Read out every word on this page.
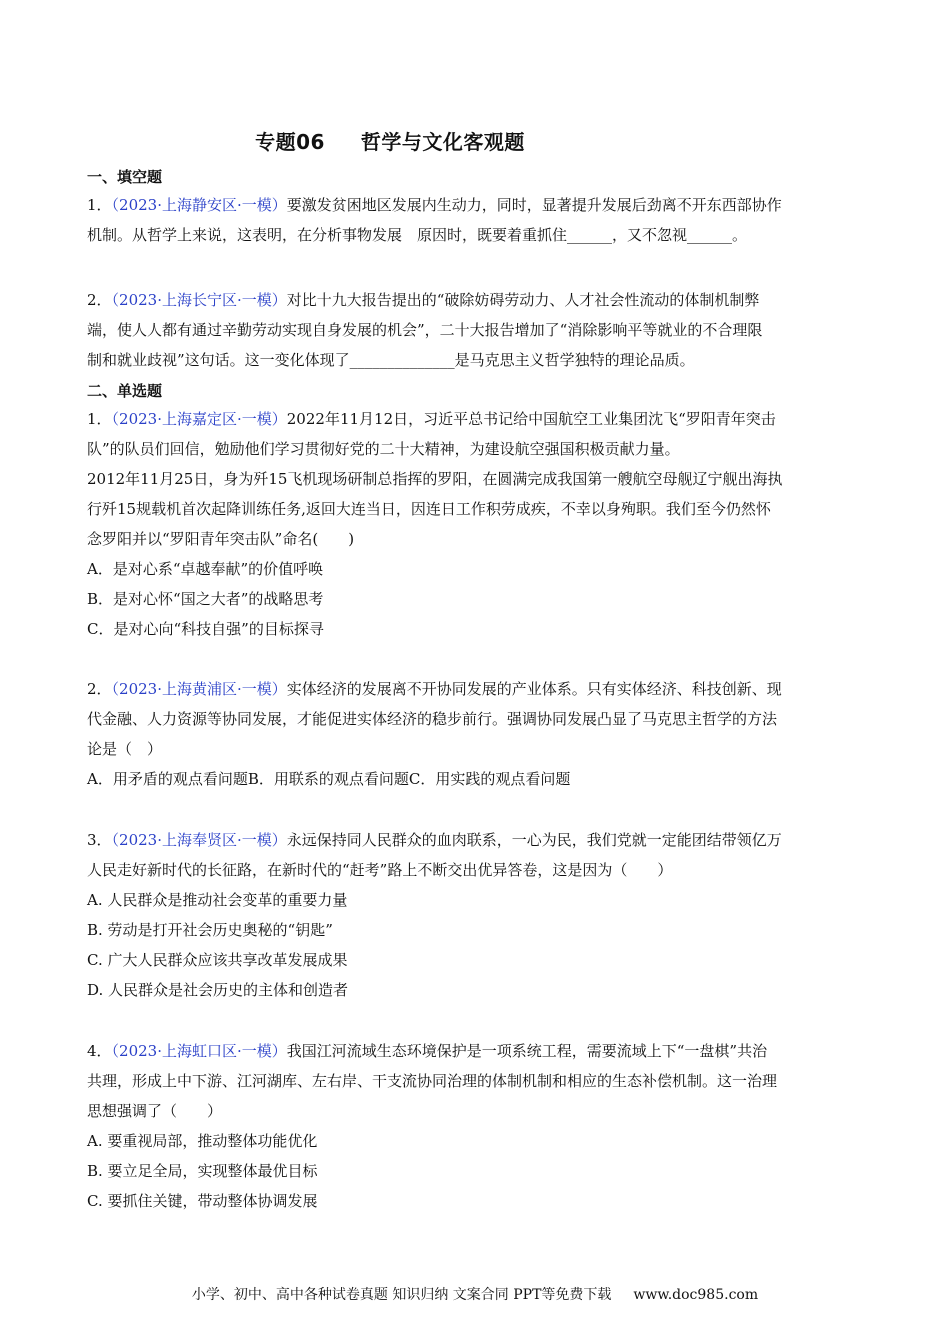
专题06 哲学与文化客观题
一、填空题
1．（2023·上海静安区·一模）要激发贫困地区发展内生动力，同时，显著提升发展后劲离不开东西部协作
机制。从哲学上来说，这表明，在分析事物发展　原因时，既要着重抓住______，又不忽视______。
2．（2023·上海长宁区·一模）对比十九大报告提出的“破除妨碍劳动力、人才社会性流动的体制机制弊
端，使人人都有通过辛勤劳动实现自身发展的机会”，二十大报告增加了“消除影响平等就业的不合理限
制和就业歧视”这句话。这一变化体现了______________是马克思主义哲学独特的理论品质。
二、单选题
1．（2023·上海嘉定区·一模）2022年11月12日，习近平总书记给中国航空工业集团沈飞“罗阳青年突击
队”的队员们回信，勉励他们学习贯彻好党的二十大精神，为建设航空强国积极贡献力量。
2012年11月25日，身为歼15飞机现场研制总指挥的罗阳，在圆满完成我国第一艘航空母舰辽宁舰出海执
行歼15规载机首次起降训练任务,返回大连当日，因连日工作积劳成疾，不幸以身殉职。我们至今仍然怀
念罗阳并以“罗阳青年突击队”命名(　　)
A．是对心系“卓越奉献”的价值呼唤
B．是对心怀“国之大者”的战略思考
C．是对心向“科技自强”的目标探寻
2．（2023·上海黄浦区·一模）实体经济的发展离不开协同发展的产业体系。只有实体经济、科技创新、现
代金融、人力资源等协同发展，才能促进实体经济的稳步前行。强调协同发展凸显了马克思主哲学的方法
论是（　）
A．用矛盾的观点看问题B．用联系的观点看问题C．用实践的观点看问题
3．（2023·上海奉贤区·一模）永远保持同人民群众的血肉联系，一心为民，我们党就一定能团结带领亿万
人民走好新时代的长征路，在新时代的“赶考”路上不断交出优异答卷，这是因为（　　）
A. 人民群众是推动社会变革的重要力量
B. 劳动是打开社会历史奥秘的“钥匙”
C. 广大人民群众应该共享改革发展成果
D. 人民群众是社会历史的主体和创造者
4．（2023·上海虹口区·一模）我国江河流域生态环境保护是一项系统工程，需要流域上下“一盘棋”共治
共理，形成上中下游、江河湖库、左右岸、干支流协同治理的体制机制和相应的生态补偿机制。这一治理
思想强调了（　　）
A. 要重视局部，推动整体功能优化
B. 要立足全局，实现整体最优目标
C. 要抓住关键，带动整体协调发展
小学、初中、高中各种试卷真题 知识归纳 文案合同 PPT等免费下载 www.doc985.com
